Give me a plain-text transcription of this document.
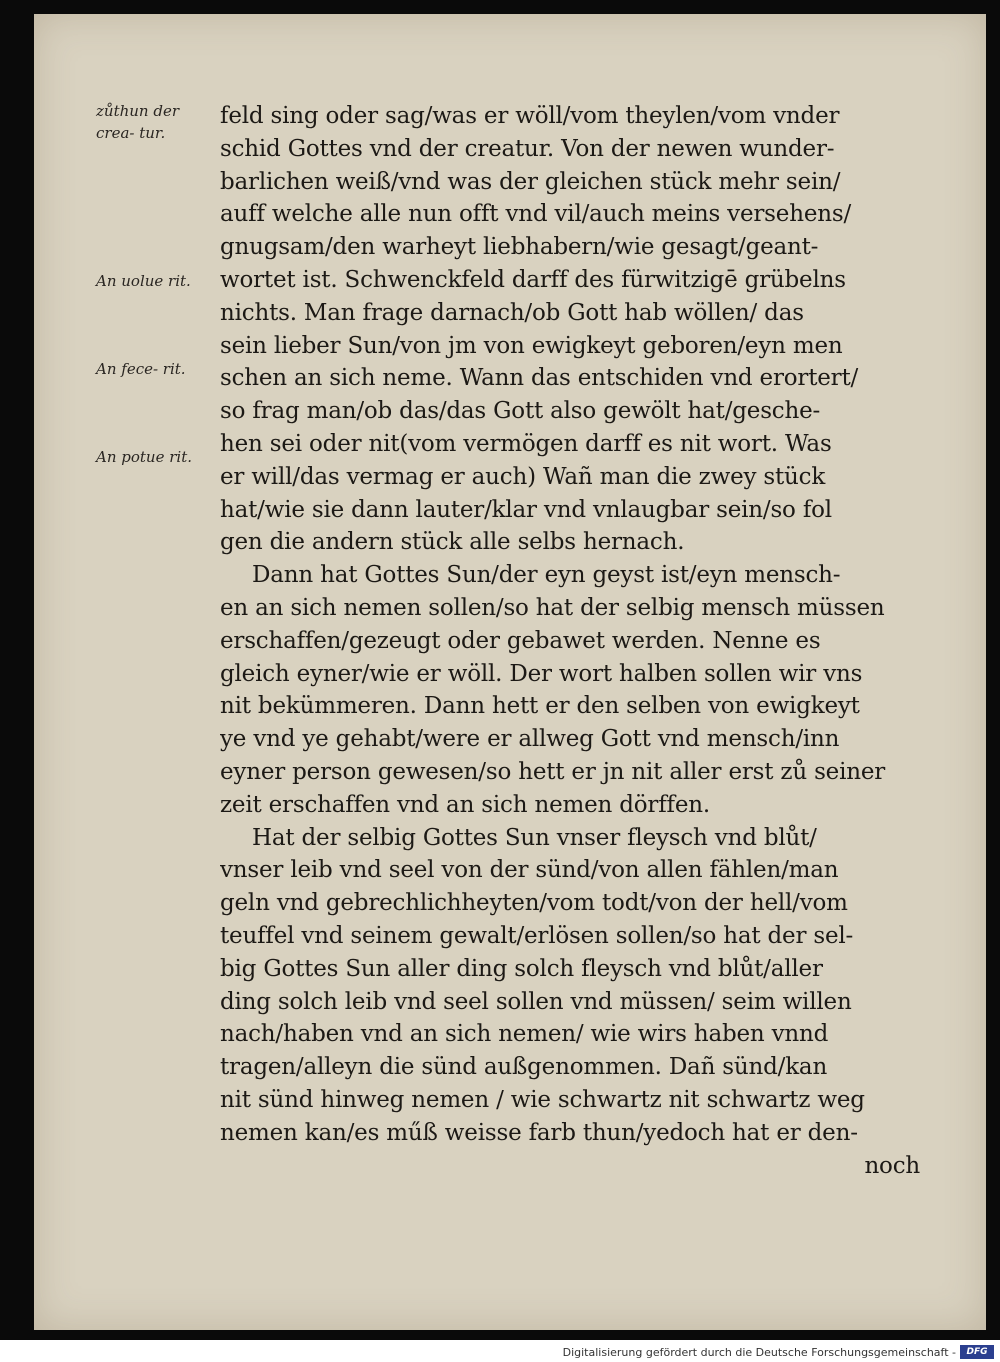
zůthun der crea- tur.
An uolue rit.
An fece- rit.
An potue rit.
feld sing oder sag/was er wöll/vom theylen/vom vnder
schid Gottes vnd der creatur. Von der newen wunder-
barlichen weiß/vnd was der gleichen stück mehr sein/
auff welche alle nun offt vnd vil/auch meins versehens/
gnugsam/den warheyt liebhabern/wie gesagt/geant-
wortet ist. Schwenckfeld darff des fürwitzigē grübelns
nichts. Man frage darnach/ob Gott hab wöllen/ das
sein lieber Sun/von jm von ewigkeyt geboren/eyn men
schen an sich neme. Wann das entschiden vnd erortert/
so frag man/ob das/das Gott also gewölt hat/gesche-
hen sei oder nit(vom vermögen darff es nit wort. Was
er will/das vermag er auch) Wañ man die zwey stück
hat/wie sie dann lauter/klar vnd vnlaugbar sein/so fol
gen die andern stück alle selbs hernach.
Dann hat Gottes Sun/der eyn geyst ist/eyn mensch-
en an sich nemen sollen/so hat der selbig mensch müssen
erschaffen/gezeugt oder gebawet werden. Nenne es
gleich eyner/wie er wöll. Der wort halben sollen wir vns
nit bekümmeren. Dann hett er den selben von ewigkeyt
ye vnd ye gehabt/were er allweg Gott vnd mensch/inn
eyner person gewesen/so hett er jn nit aller erst zů seiner
zeit erschaffen vnd an sich nemen dörffen.
Hat der selbig Gottes Sun vnser fleysch vnd blůt/
vnser leib vnd seel von der sünd/von allen fählen/man
geln vnd gebrechlichheyten/vom todt/von der hell/vom
teuffel vnd seinem gewalt/erlösen sollen/so hat der sel-
big Gottes Sun aller ding solch fleysch vnd blůt/aller
ding solch leib vnd seel sollen vnd müssen/ seim willen
nach/haben vnd an sich nemen/ wie wirs haben vnnd
tragen/alleyn die sünd außgenommen. Dañ sünd/kan
nit sünd hinweg nemen / wie schwartz nit schwartz weg
nemen kan/es műß weisse farb thun/yedoch hat er den-
noch
Digitalisierung gefördert durch die Deutsche Forschungsgemeinschaft -	DFG
